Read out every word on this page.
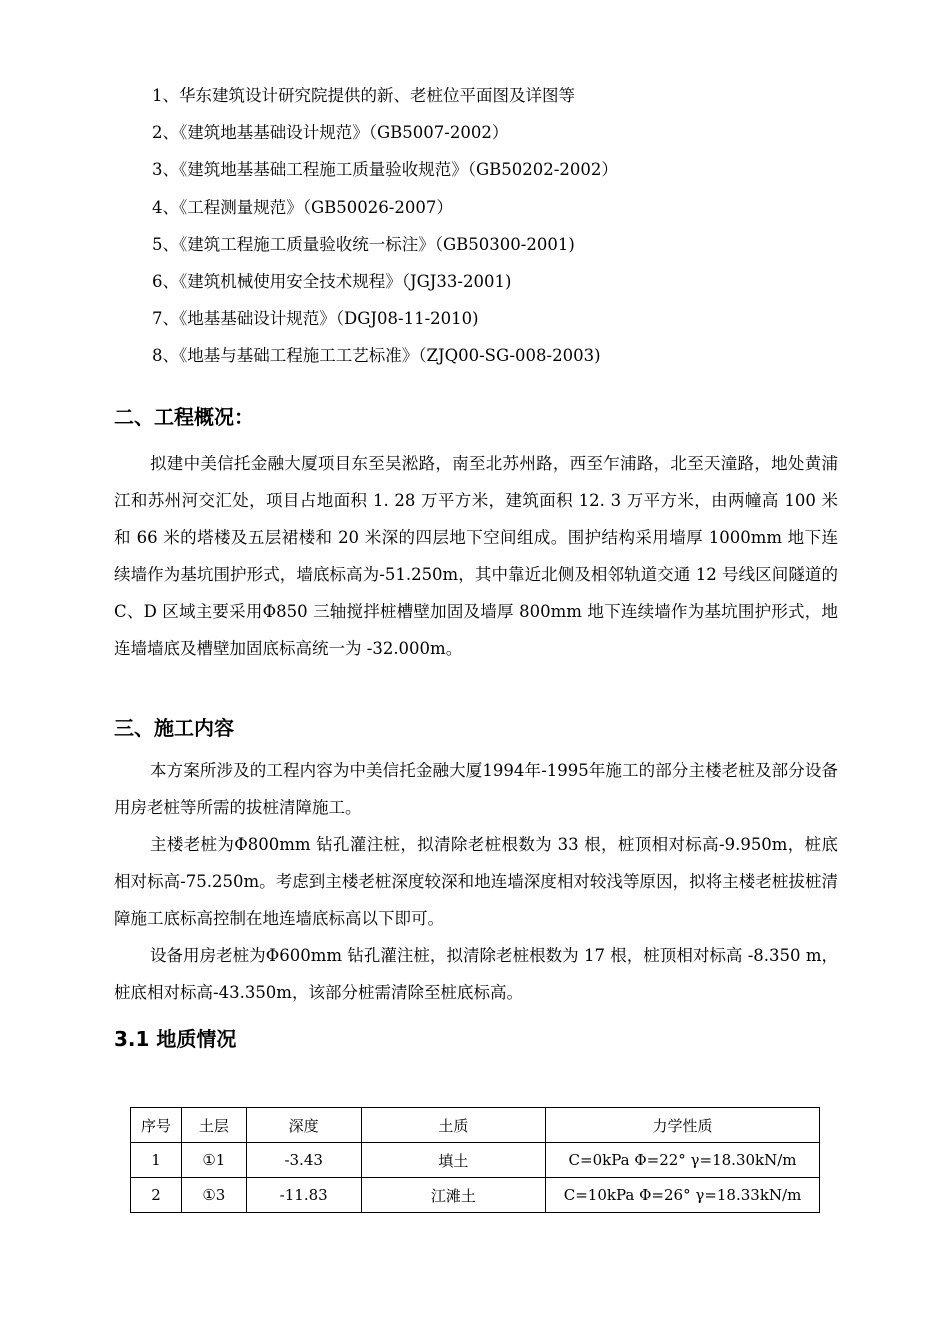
1、华东建筑设计研究院提供的新、老桩位平面图及详图等
2、《建筑地基基础设计规范》（GB5007-2002）
3、《建筑地基基础工程施工质量验收规范》（GB50202-2002）
4、《工程测量规范》（GB50026-2007）
5、《建筑工程施工质量验收统一标注》（GB50300-2001)
6、《建筑机械使用安全技术规程》（JGJ33-2001)
7、《地基基础设计规范》（DGJ08-11-2010)
8、《地基与基础工程施工工艺标准》（ZJQ00-SG-008-2003)
二、工程概况：
拟建中美信托金融大厦项目东至吴淞路，南至北苏州路，西至乍浦路，北至天潼路，地处黄浦江和苏州河交汇处，项目占地面积 1. 28 万平方米，建筑面积 12. 3 万平方米，由两幢高 100 米和 66 米的塔楼及五层裙楼和 20 米深的四层地下空间组成。围护结构采用墙厚 1000mm 地下连续墙作为基坑围护形式，墙底标高为-51.250m，其中靠近北侧及相邻轨道交通 12 号线区间隧道的 C、D 区域主要采用Φ850 三轴搅拌桩槽壁加固及墙厚 800mm 地下连续墙作为基坑围护形式，地连墙墙底及槽壁加固底标高统一为 -32.000m。
三、施工内容
本方案所涉及的工程内容为中美信托金融大厦1994年-1995年施工的部分主楼老桩及部分设备用房老桩等所需的拔桩清障施工。
主楼老桩为Φ800mm 钻孔灌注桩，拟清除老桩根数为 33 根，桩顶相对标高-9.950m，桩底相对标高-75.250m。考虑到主楼老桩深度较深和地连墙深度相对较浅等原因，拟将主楼老桩拔桩清障施工底标高控制在地连墙底标高以下即可。
设备用房老桩为Φ600mm 钻孔灌注桩，拟清除老桩根数为 17 根，桩顶相对标高 -8.350 m，桩底相对标高-43.350m，该部分桩需清除至桩底标高。
3.1 地质情况
序号	土层	深度	土质	力学性质
1	①1	-3.43	填土	C=0kPa Φ=22° γ=18.30kN/m
2	①3	-11.83	江滩土	C=10kPa Φ=26° γ=18.33kN/m
